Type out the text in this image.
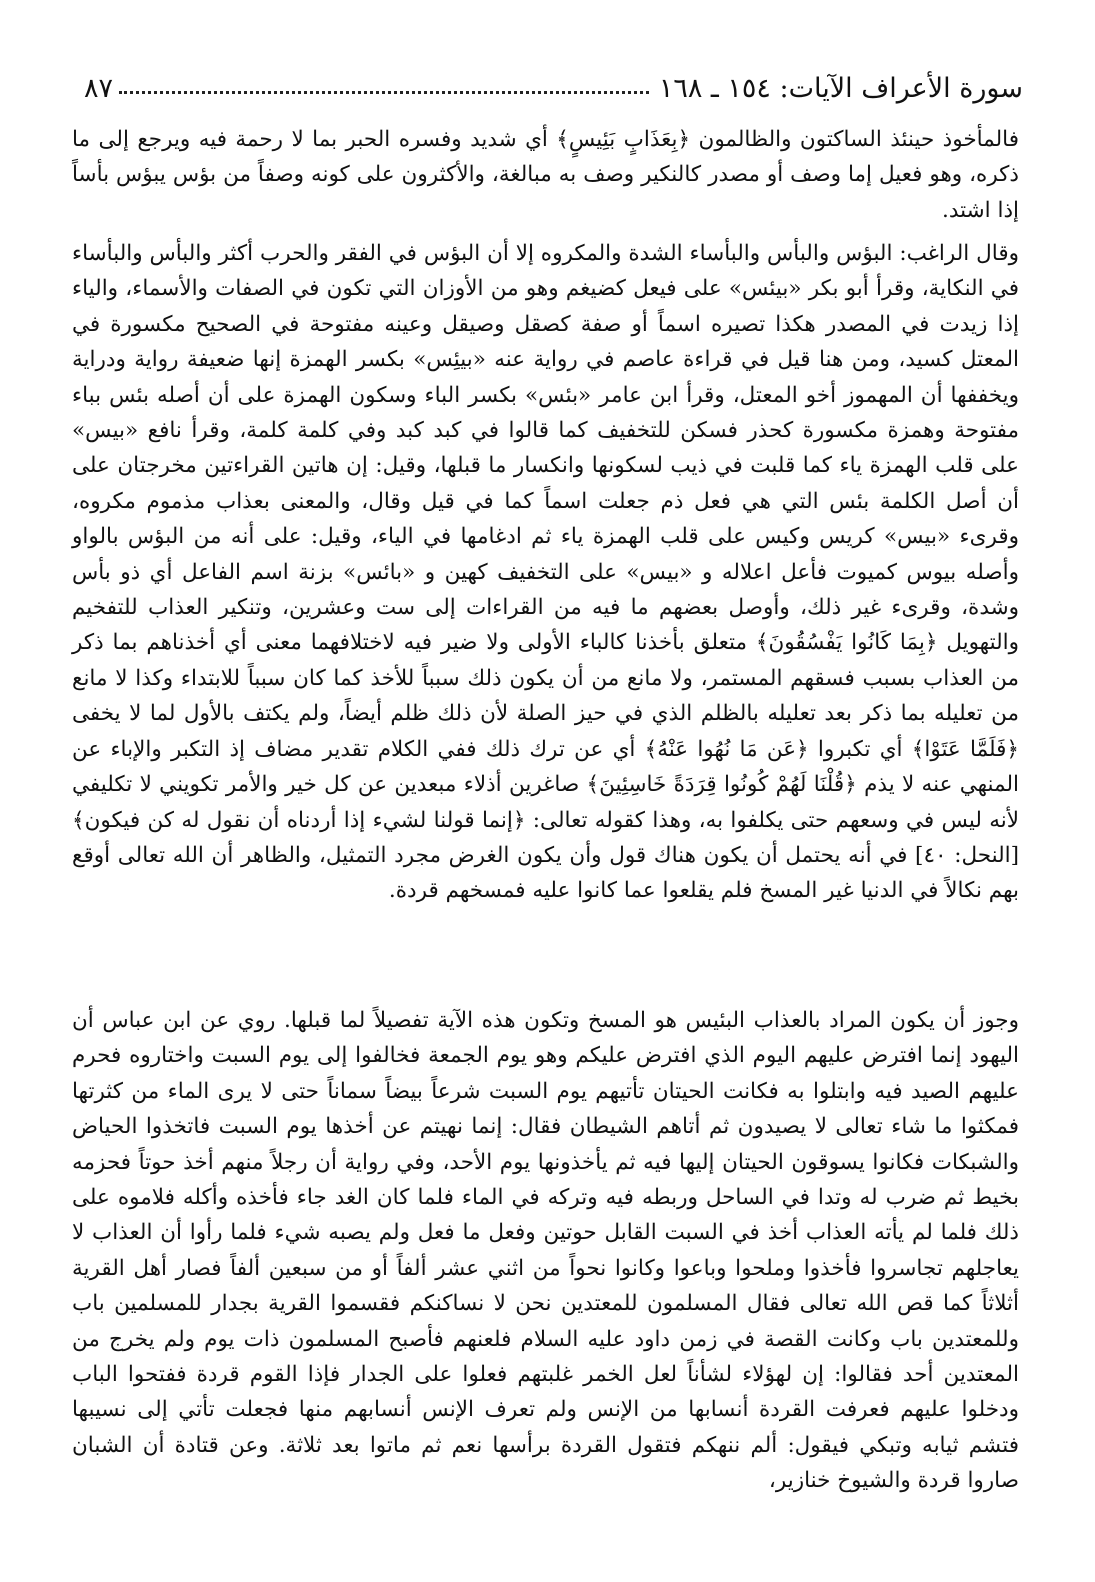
سورة الأعراف الآيات: ١٥٤ ـ ١٦٨
٨٧

فالمأخوذ حينئذ الساكتون والظالمون ﴿بِعَذَابٍ بَئِيسٍ﴾ أي شديد وفسره الحبر بما لا رحمة فيه ويرجع إلى ما ذكره، وهو فعيل إما وصف أو مصدر كالنكير وصف به مبالغة، والأكثرون على كونه وصفاً من بؤس يبؤس بأساً إذا اشتد.

وقال الراغب: البؤس والبأس والبأساء الشدة والمكروه إلا أن البؤس في الفقر والحرب أكثر والبأس والبأساء في النكاية، وقرأ أبو بكر «بيئس» على فيعل كضيغم وهو من الأوزان التي تكون في الصفات والأسماء، والياء إذا زيدت في المصدر هكذا تصيره اسماً أو صفة كصقل وصيقل وعينه مفتوحة في الصحيح مكسورة في المعتل كسيد، ومن هنا قيل في قراءة عاصم في رواية عنه «بيئِس» بكسر الهمزة إنها ضعيفة رواية ودراية ويخففها أن المهموز أخو المعتل، وقرأ ابن عامر «بئس» بكسر الباء وسكون الهمزة على أن أصله بئس بباء مفتوحة وهمزة مكسورة كحذر فسكن للتخفيف كما قالوا في كبد كبد وفي كلمة كلمة، وقرأ نافع «بيس» على قلب الهمزة ياء كما قلبت في ذيب لسكونها وانكسار ما قبلها، وقيل: إن هاتين القراءتين مخرجتان على أن أصل الكلمة بئس التي هي فعل ذم جعلت اسماً كما في قيل وقال، والمعنى بعذاب مذموم مكروه، وقرىء «بيس» كريس وكيس على قلب الهمزة ياء ثم ادغامها في الياء، وقيل: على أنه من البؤس بالواو وأصله بيوس كميوت فأعل اعلاله و «بيس» على التخفيف كهين و «بائس» بزنة اسم الفاعل أي ذو بأس وشدة، وقرىء غير ذلك، وأوصل بعضهم ما فيه من القراءات إلى ست وعشرين، وتنكير العذاب للتفخيم والتهويل ﴿بِمَا كَانُوا يَفْسُقُونَ﴾ متعلق بأخذنا كالباء الأولى ولا ضير فيه لاختلافهما معنى أي أخذناهم بما ذكر من العذاب بسبب فسقهم المستمر، ولا مانع من أن يكون ذلك سبباً للأخذ كما كان سبباً للابتداء وكذا لا مانع من تعليله بما ذكر بعد تعليله بالظلم الذي في حيز الصلة لأن ذلك ظلم أيضاً، ولم يكتف بالأول لما لا يخفى ﴿فَلَمَّا عَتَوْا﴾ أي تكبروا ﴿عَن مَا نُهُوا عَنْهُ﴾ أي عن ترك ذلك ففي الكلام تقدير مضاف إذ التكبر والإباء عن المنهي عنه لا يذم ﴿قُلْنَا لَهُمْ كُونُوا قِرَدَةً خَاسِئِينَ﴾ صاغرين أذلاء مبعدين عن كل خير والأمر تكويني لا تكليفي لأنه ليس في وسعهم حتى يكلفوا به، وهذا كقوله تعالى: ﴿إنما قولنا لشيء إذا أردناه أن نقول له كن فيكون﴾ [النحل: ٤٠] في أنه يحتمل أن يكون هناك قول وأن يكون الغرض مجرد التمثيل، والظاهر أن الله تعالى أوقع بهم نكالاً في الدنيا غير المسخ فلم يقلعوا عما كانوا عليه فمسخهم قردة.

وجوز أن يكون المراد بالعذاب البئيس هو المسخ وتكون هذه الآية تفصيلاً لما قبلها. روي عن ابن عباس أن اليهود إنما افترض عليهم اليوم الذي افترض عليكم وهو يوم الجمعة فخالفوا إلى يوم السبت واختاروه فحرم عليهم الصيد فيه وابتلوا به فكانت الحيتان تأتيهم يوم السبت شرعاً بيضاً سماناً حتى لا يرى الماء من كثرتها فمكثوا ما شاء تعالى لا يصيدون ثم أتاهم الشيطان فقال: إنما نهيتم عن أخذها يوم السبت فاتخذوا الحياض والشبكات فكانوا يسوقون الحيتان إليها فيه ثم يأخذونها يوم الأحد، وفي رواية أن رجلاً منهم أخذ حوتاً فحزمه بخيط ثم ضرب له وتدا في الساحل وربطه فيه وتركه في الماء فلما كان الغد جاء فأخذه وأكله فلاموه على ذلك فلما لم يأته العذاب أخذ في السبت القابل حوتين وفعل ما فعل ولم يصبه شيء فلما رأوا أن العذاب لا يعاجلهم تجاسروا فأخذوا وملحوا وباعوا وكانوا نحواً من اثني عشر ألفاً أو من سبعين ألفاً فصار أهل القرية أثلاثاً كما قص الله تعالى فقال المسلمون للمعتدين نحن لا نساكنكم فقسموا القرية بجدار للمسلمين باب وللمعتدين باب وكانت القصة في زمن داود عليه السلام فلعنهم فأصبح المسلمون ذات يوم ولم يخرج من المعتدين أحد فقالوا: إن لهؤلاء لشأناً لعل الخمر غلبتهم فعلوا على الجدار فإذا القوم قردة ففتحوا الباب ودخلوا عليهم فعرفت القردة أنسابها من الإنس ولم تعرف الإنس أنسابهم منها فجعلت تأتي إلى نسيبها فتشم ثيابه وتبكي فيقول: ألم ننهكم فتقول القردة برأسها نعم ثم ماتوا بعد ثلاثة. وعن قتادة أن الشبان صاروا قردة والشيوخ خنازير،
